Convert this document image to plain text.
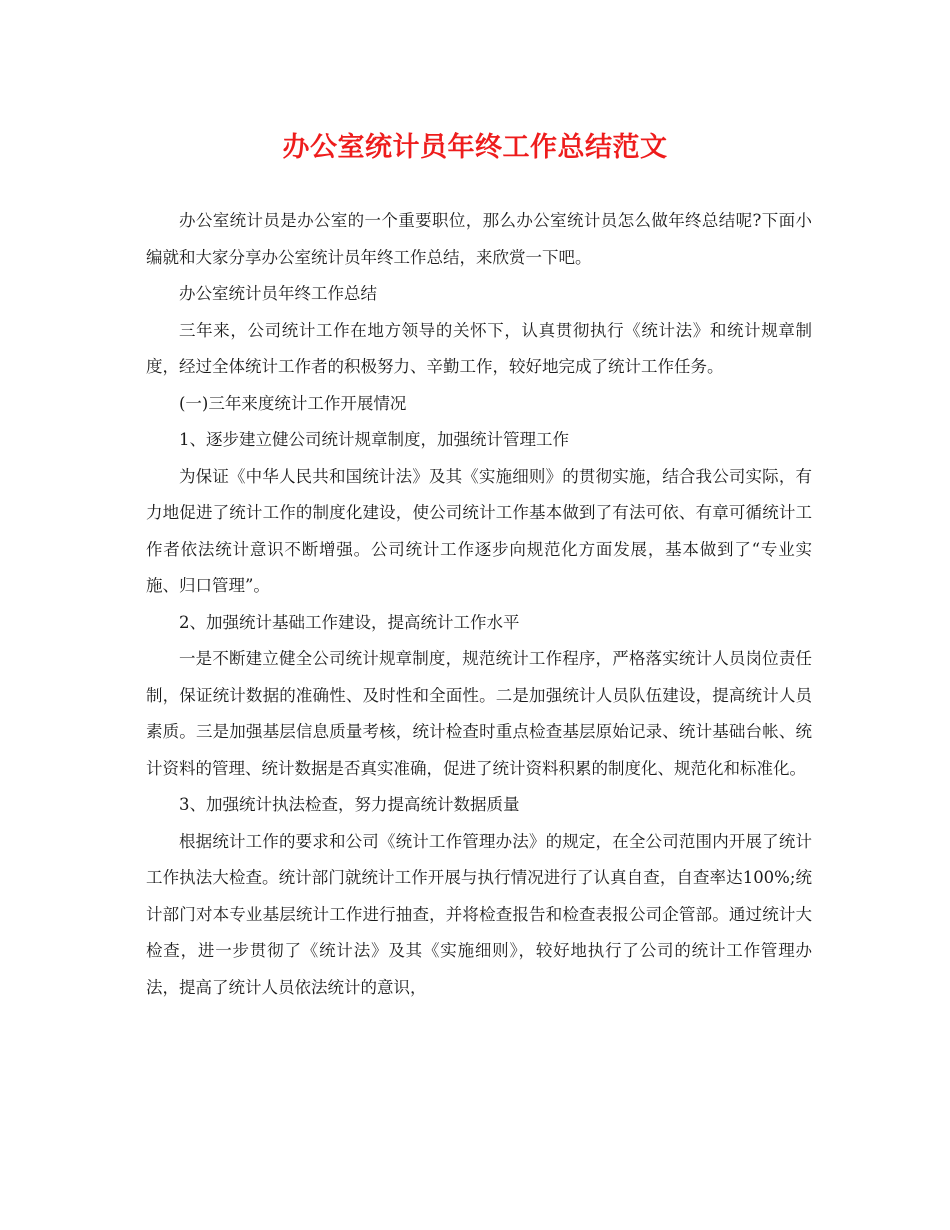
办公室统计员年终工作总结范文

办公室统计员是办公室的一个重要职位，那么办公室统计员怎么做年终总结呢?下面小编就和大家分享办公室统计员年终工作总结，来欣赏一下吧。

办公室统计员年终工作总结

三年来，公司统计工作在地方领导的关怀下，认真贯彻执行《统计法》和统计规章制度，经过全体统计工作者的积极努力、辛勤工作，较好地完成了统计工作任务。

(一)三年来度统计工作开展情况

1、逐步建立健公司统计规章制度，加强统计管理工作

为保证《中华人民共和国统计法》及其《实施细则》的贯彻实施，结合我公司实际，有力地促进了统计工作的制度化建设，使公司统计工作基本做到了有法可依、有章可循统计工作者依法统计意识不断增强。公司统计工作逐步向规范化方面发展，基本做到了“专业实施、归口管理”。

2、加强统计基础工作建设，提高统计工作水平

一是不断建立健全公司统计规章制度，规范统计工作程序，严格落实统计人员岗位责任制，保证统计数据的准确性、及时性和全面性。二是加强统计人员队伍建设，提高统计人员素质。三是加强基层信息质量考核，统计检查时重点检查基层原始记录、统计基础台帐、统计资料的管理、统计数据是否真实准确，促进了统计资料积累的制度化、规范化和标准化。

3、加强统计执法检查，努力提高统计数据质量

根据统计工作的要求和公司《统计工作管理办法》的规定，在全公司范围内开展了统计工作执法大检查。统计部门就统计工作开展与执行情况进行了认真自查，自查率达100%;统计部门对本专业基层统计工作进行抽查，并将检查报告和检查表报公司企管部。通过统计大检查，进一步贯彻了《统计法》及其《实施细则》，较好地执行了公司的统计工作管理办法，提高了统计人员依法统计的意识，
